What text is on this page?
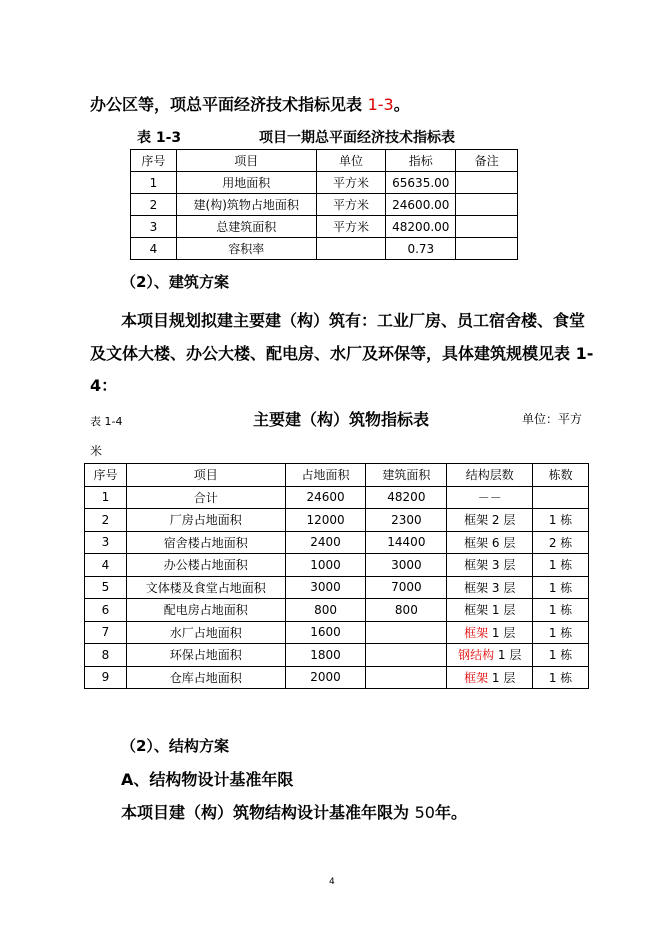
办公区等，项总平面经济技术指标见表 1-3。
表 1-3	项目一期总平面经济技术指标表
序号	项目	单位	指标	备注
1	用地面积	平方米	65635.00	
2	建(构)筑物占地面积	平方米	24600.00	
3	总建筑面积	平方米	48200.00	
4	容积率		0.73	
（2）、建筑方案
本项目规划拟建主要建（构）筑有：工业厂房、员工宿舍楼、食堂
及文体大楼、办公大楼、配电房、水厂及环保等，具体建筑规模见表 1-
4：
表 1-4	主要建（构）筑物指标表	单位：平方
米
序号	项目	占地面积	建筑面积	结构层数	栋数
1	合计	24600	48200	－－	
2	厂房占地面积	12000	2300	框架 2 层	1 栋
3	宿舍楼占地面积	2400	14400	框架 6 层	2 栋
4	办公楼占地面积	1000	3000	框架 3 层	1 栋
5	文体楼及食堂占地面积	3000	7000	框架 3 层	1 栋
6	配电房占地面积	800	800	框架 1 层	1 栋
7	水厂占地面积	1600		框架 1 层	1 栋
8	环保占地面积	1800		钢结构 1 层	1 栋
9	仓库占地面积	2000		框架 1 层	1 栋
（2）、结构方案
A、结构物设计基准年限
本项目建（构）筑物结构设计基准年限为 50年。
4
